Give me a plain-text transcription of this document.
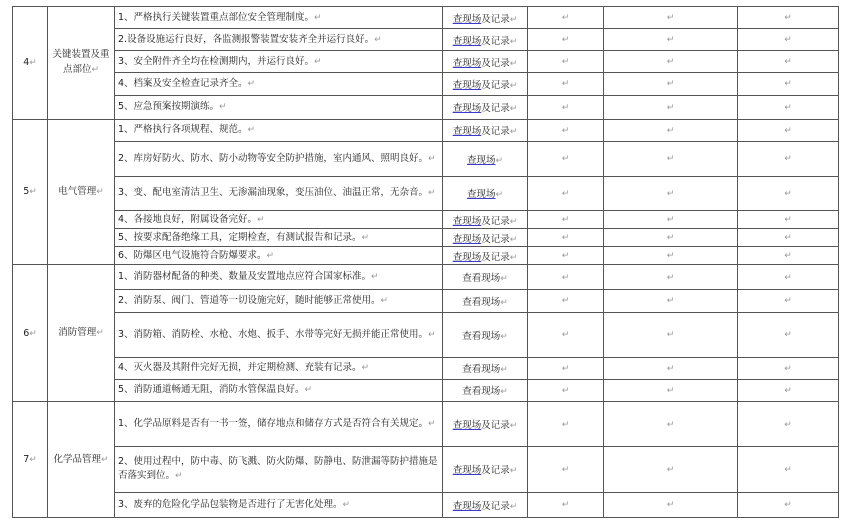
4↵	关键装置及重点部位↵	1、严格执行关键装置重点部位安全管理制度。↵	查现场及记录↵	↵	↵	↵
		2.设备设施运行良好，各监测报警装置安装齐全并运行良好。↵	查现场及记录↵	↵	↵	↵
		3、安全附件齐全均在检测期内，并运行良好。↵	查现场及记录↵	↵	↵	↵
		4、档案及安全检查记录齐全。↵	查现场及记录↵	↵	↵	↵
		5、应急预案按期演练。↵	查现场及记录↵	↵	↵	↵
5↵	电气管理↵	1、严格执行各项规程、规范。↵	查现场及记录↵	↵	↵	↵
		2、库房好防火、防水、防小动物等安全防护措施，室内通风、照明良好。↵	查现场↵	↵	↵	↵
		3、变、配电室清洁卫生、无渗漏油现象，变压油位、油温正常，无杂音。↵	查现场↵	↵	↵	↵
		4、各接地良好，附属设备完好。↵	查现场及记录↵	↵	↵	↵
		5、按要求配备绝缘工具，定期检查，有测试报告和记录。↵	查现场及记录↵	↵	↵	↵
		6、防爆区电气设施符合防爆要求。↵	查现场及记录↵	↵	↵	↵
6↵	消防管理↵	1、消防器材配备的种类、数量及安置地点应符合国家标准。↵	查看现场↵	↵	↵	↵
		2、消防泵、阀门、管道等一切设施完好，随时能够正常使用。↵	查看现场↵	↵	↵	↵
		3、消防箱、消防栓、水枪、水炮、扳手、水带等完好无损并能正常使用。↵	查看现场↵	↵	↵	↵
		4、灭火器及其附件完好无损，并定期检测、充装有记录。↵	查看现场↵	↵	↵	↵
		5、消防通道畅通无阻，消防水管保温良好。↵	查看现场↵	↵	↵	↵
7↵	化学品管理↵	1、化学品原料是否有一书一签，储存地点和储存方式是否符合有关规定。↵	查现场及记录↵	↵	↵	↵
		2、使用过程中，防中毒、防飞溅、防火防爆、防静电、防泄漏等防护措施是否落实到位。↵	查现场及记录↵	↵	↵	↵
		3、废弃的危险化学品包装物是否进行了无害化处理。↵	查现场及记录↵	↵	↵	↵
